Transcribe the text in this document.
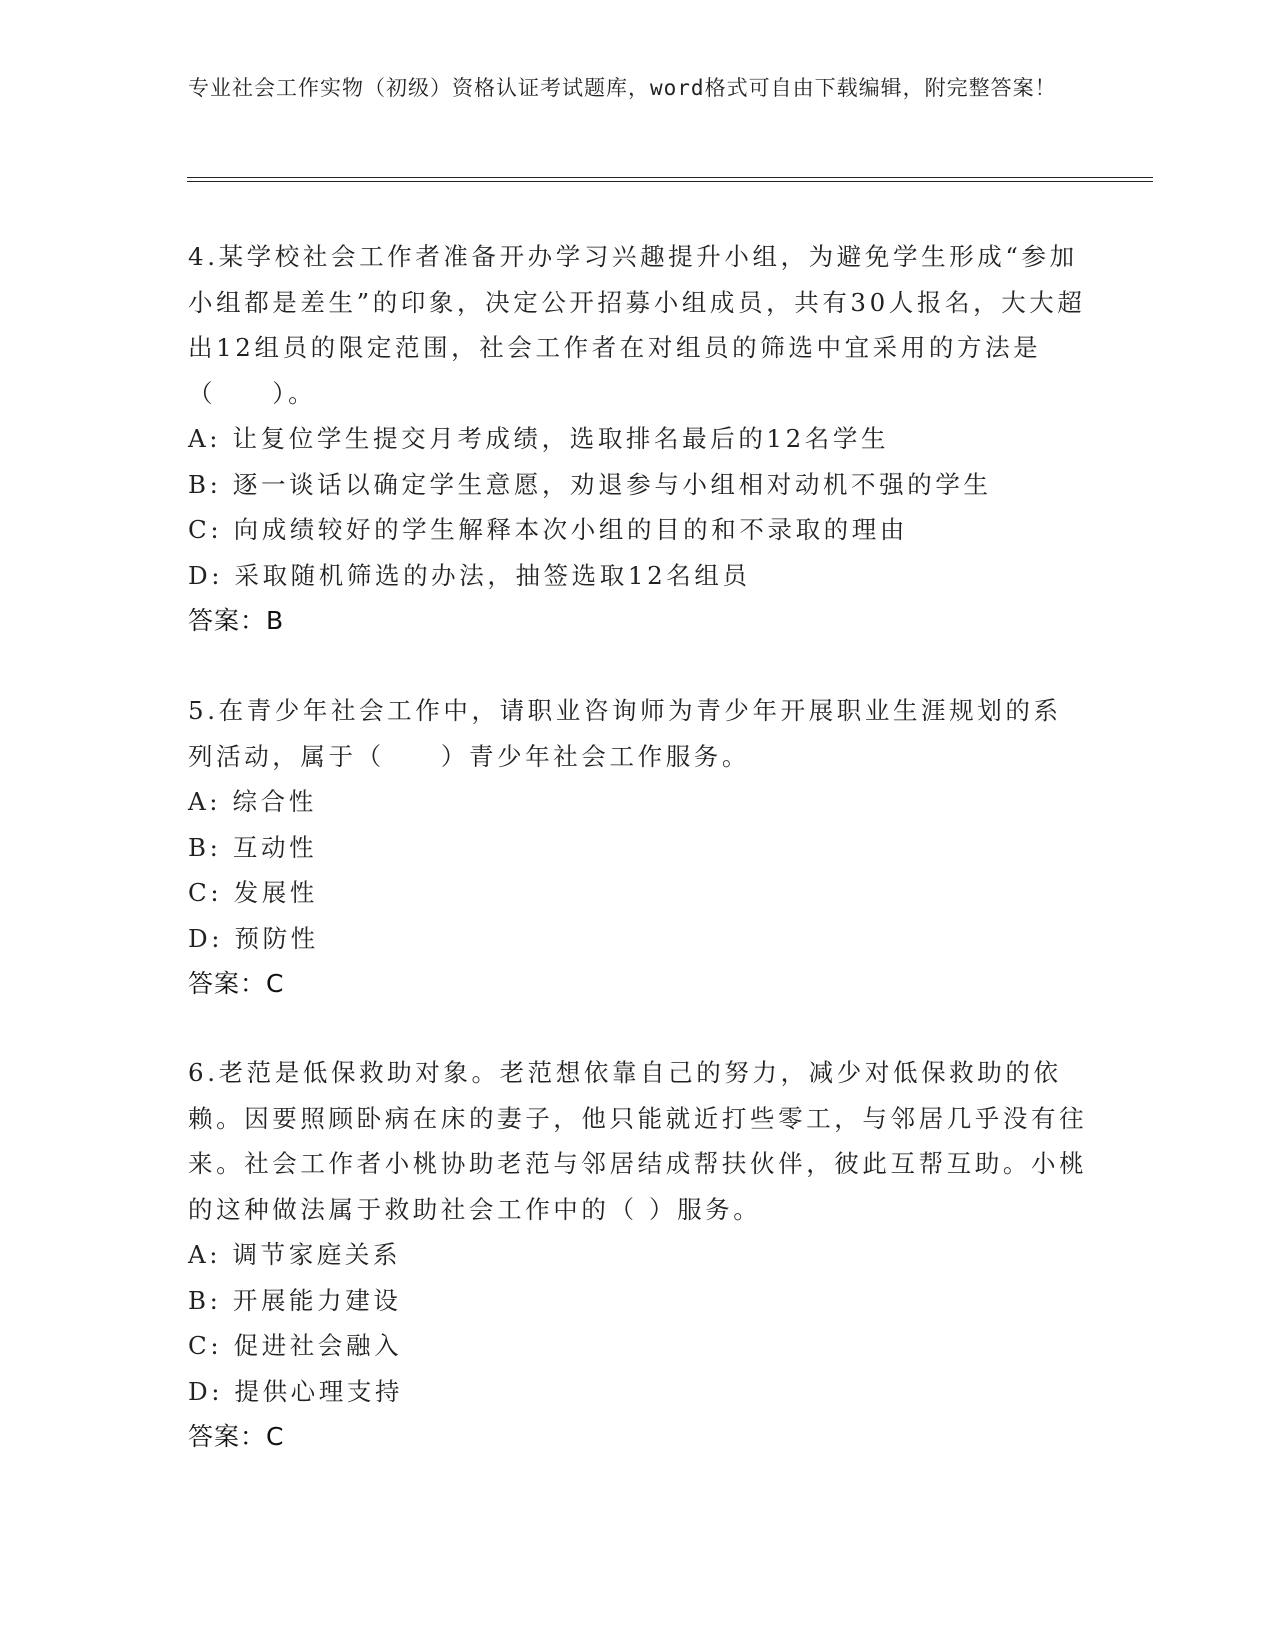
专业社会工作实物（初级）资格认证考试题库，word格式可自由下载编辑，附完整答案！

4.某学校社会工作者准备开办学习兴趣提升小组，为避免学生形成“参加小组都是差生”的印象，决定公开招募小组成员，共有30人报名，大大超出12组员的限定范围，社会工作者在对组员的筛选中宜采用的方法是（　　）。

A: 让复位学生提交月考成绩，选取排名最后的12名学生

B: 逐一谈话以确定学生意愿，劝退参与小组相对动机不强的学生

C: 向成绩较好的学生解释本次小组的目的和不录取的理由

D: 采取随机筛选的办法，抽签选取12名组员

答案：B

5.在青少年社会工作中，请职业咨询师为青少年开展职业生涯规划的系列活动，属于（　　）青少年社会工作服务。

A: 综合性

B: 互动性

C: 发展性

D: 预防性

答案：C

6.老范是低保救助对象。老范想依靠自己的努力，减少对低保救助的依赖。因要照顾卧病在床的妻子，他只能就近打些零工，与邻居几乎没有往来。社会工作者小桃协助老范与邻居结成帮扶伙伴，彼此互帮互助。小桃的这种做法属于救助社会工作中的（ ）服务。

A: 调节家庭关系

B: 开展能力建设

C: 促进社会融入

D: 提供心理支持

答案：C
